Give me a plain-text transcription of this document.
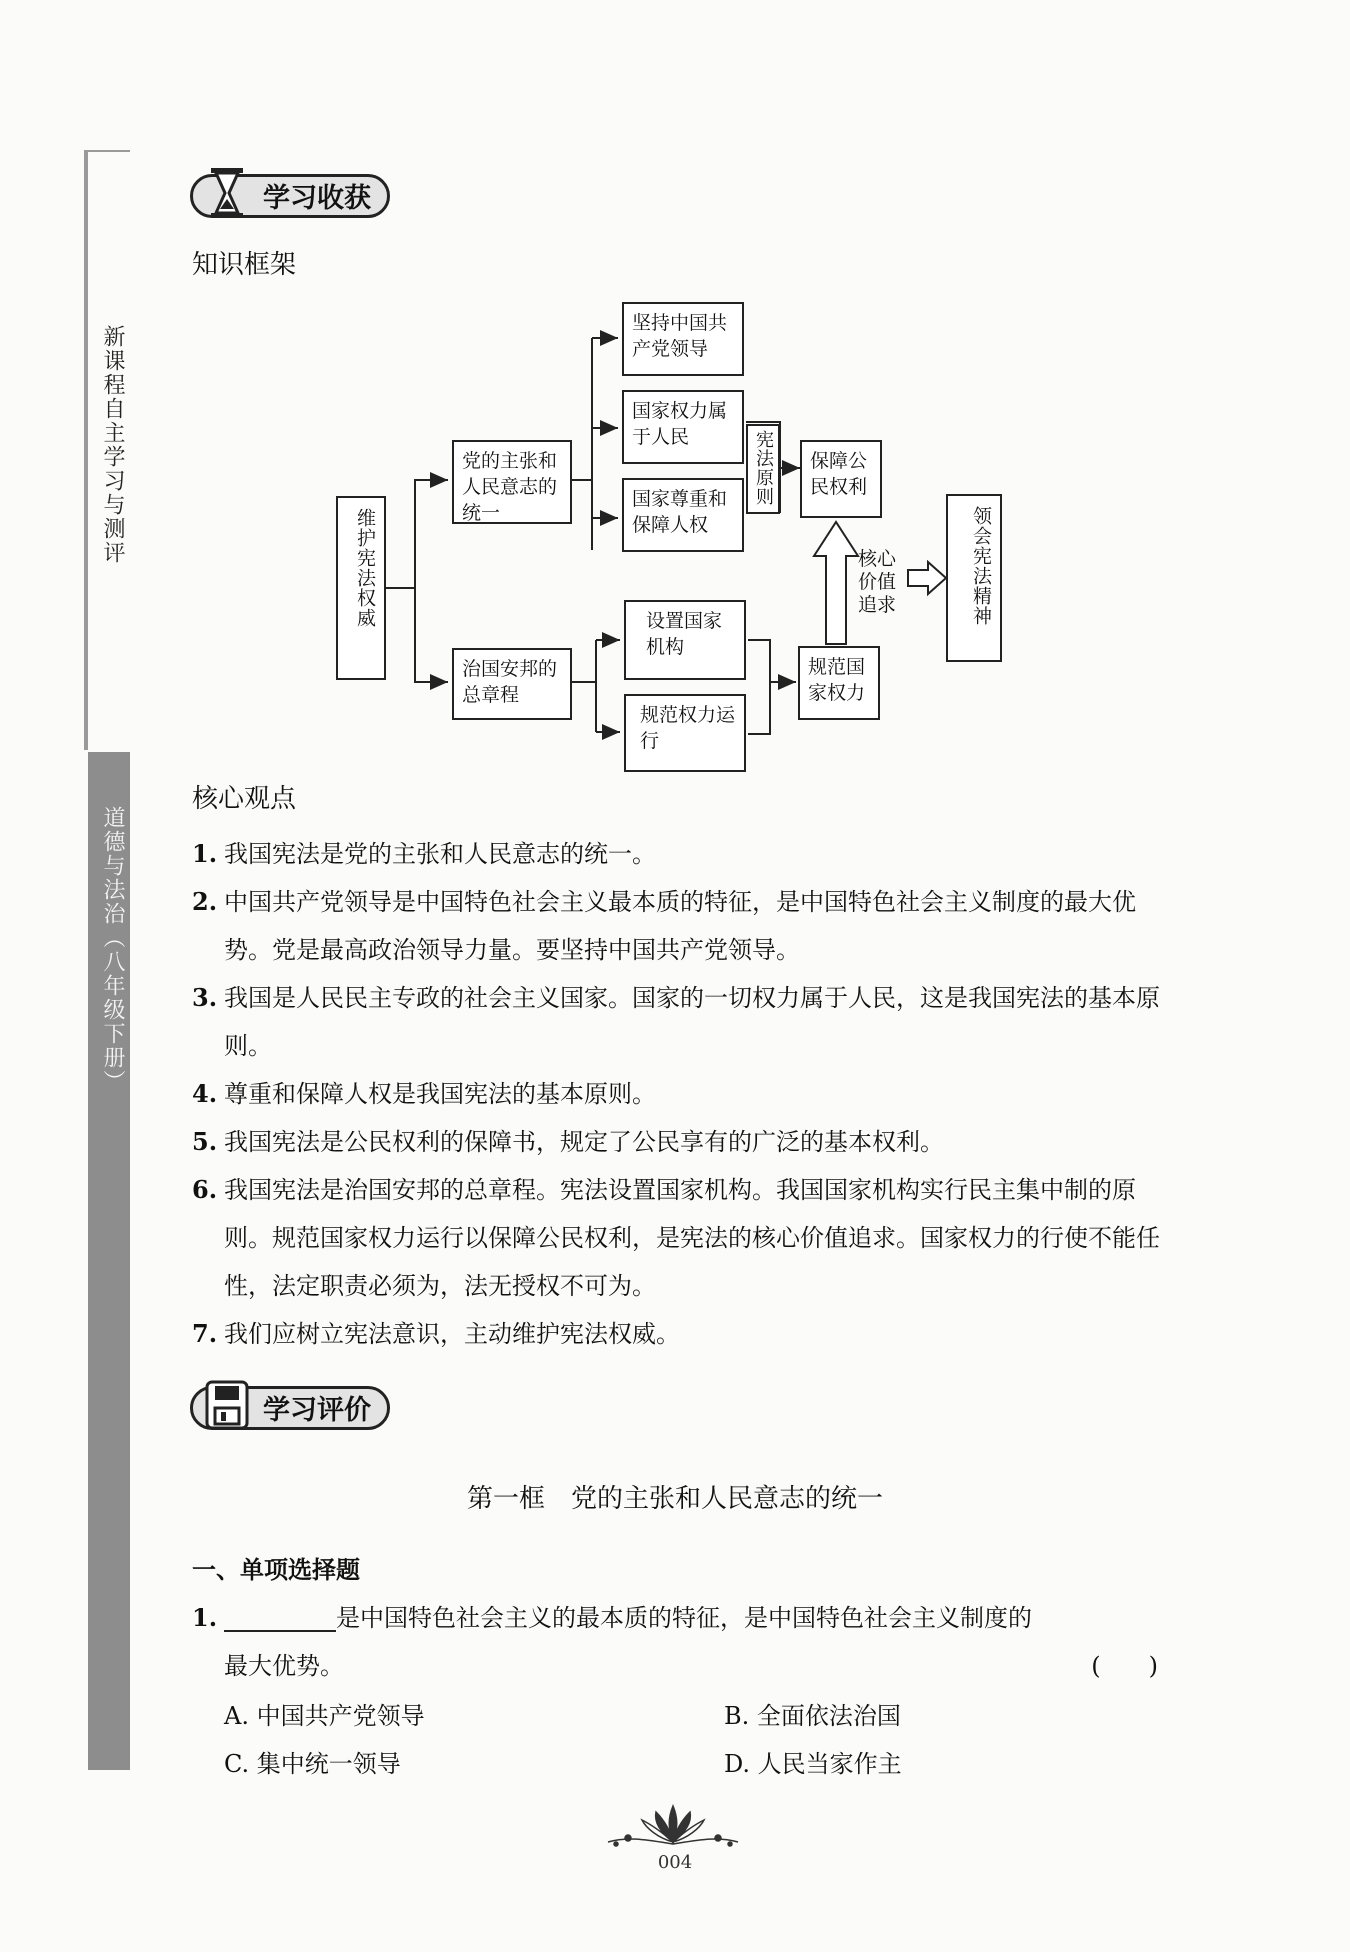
新课程自主学习与测评
道德与法治（八年级下册）
学习收获
知识框架
维护宪法权威
党的主张和人民意志的统一
治国安邦的总章程
坚持中国共产党领导
国家权力属于人民
国家尊重和保障人权
宪法原则	保障公民权利
设置国家机构
规范权力运行
规范国家权力
核心价值追求	领会宪法精神
核心观点
1. 我国宪法是党的主张和人民意志的统一。
2. 中国共产党领导是中国特色社会主义最本质的特征，是中国特色社会主义制度的最大优势。党是最高政治领导力量。要坚持中国共产党领导。
3. 我国是人民民主专政的社会主义国家。国家的一切权力属于人民，这是我国宪法的基本原则。
4. 尊重和保障人权是我国宪法的基本原则。
5. 我国宪法是公民权利的保障书，规定了公民享有的广泛的基本权利。
6. 我国宪法是治国安邦的总章程。宪法设置国家机构。我国国家机构实行民主集中制的原则。规范国家权力运行以保障公民权利，是宪法的核心价值追求。国家权力的行使不能任性，法定职责必须为，法无授权不可为。
7. 我们应树立宪法意识，主动维护宪法权威。
学习评价
第一框　党的主张和人民意志的统一
一、单项选择题
1.	是中国特色社会主义的最本质的特征，是中国特色社会主义制度的
最大优势。	(　　)
A. 中国共产党领导	B. 全面依法治国
C. 集中统一领导	D. 人民当家作主
004
